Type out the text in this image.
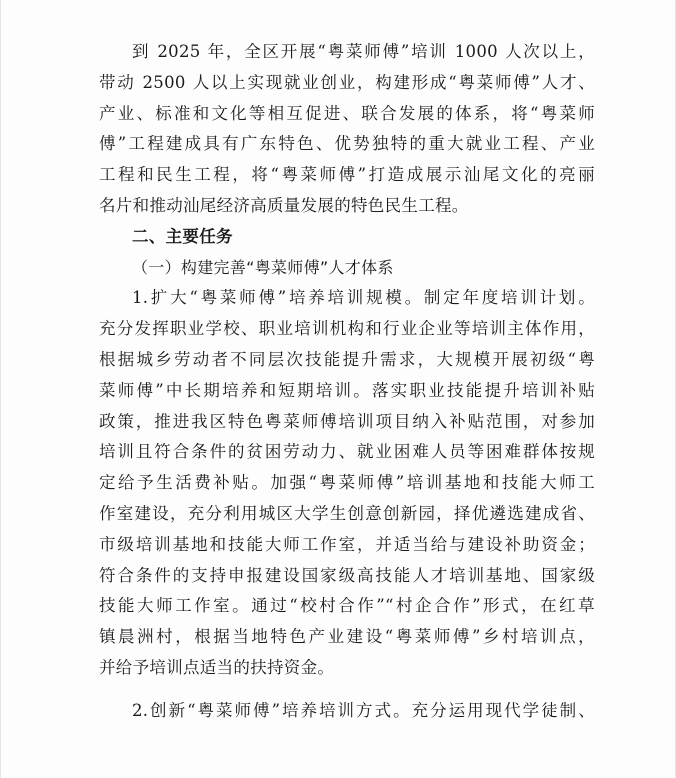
到 2025 年，全区开展“粤菜师傅”培训 1000 人次以上，
带动 2500 人以上实现就业创业，构建形成“粤菜师傅”人才、
产业、标准和文化等相互促进、联合发展的体系，将“粤菜师
傅”工程建成具有广东特色、优势独特的重大就业工程、产业
工程和民生工程，将“粤菜师傅”打造成展示汕尾文化的亮丽
名片和推动汕尾经济高质量发展的特色民生工程。
二、主要任务
（一）构建完善“粤菜师傅”人才体系
1.扩大“粤菜师傅”培养培训规模。制定年度培训计划。
充分发挥职业学校、职业培训机构和行业企业等培训主体作用，
根据城乡劳动者不同层次技能提升需求，大规模开展初级“粤
菜师傅”中长期培养和短期培训。落实职业技能提升培训补贴
政策，推进我区特色粤菜师傅培训项目纳入补贴范围，对参加
培训且符合条件的贫困劳动力、就业困难人员等困难群体按规
定给予生活费补贴。加强“粤菜师傅”培训基地和技能大师工
作室建设，充分利用城区大学生创意创新园，择优遴选建成省、
市级培训基地和技能大师工作室，并适当给与建设补助资金；
符合条件的支持申报建设国家级高技能人才培训基地、国家级
技能大师工作室。通过“校村合作”“村企合作”形式，在红草
镇晨洲村，根据当地特色产业建设“粤菜师傅”乡村培训点，
并给予培训点适当的扶持资金。
2.创新“粤菜师傅”培养培训方式。充分运用现代学徒制、
